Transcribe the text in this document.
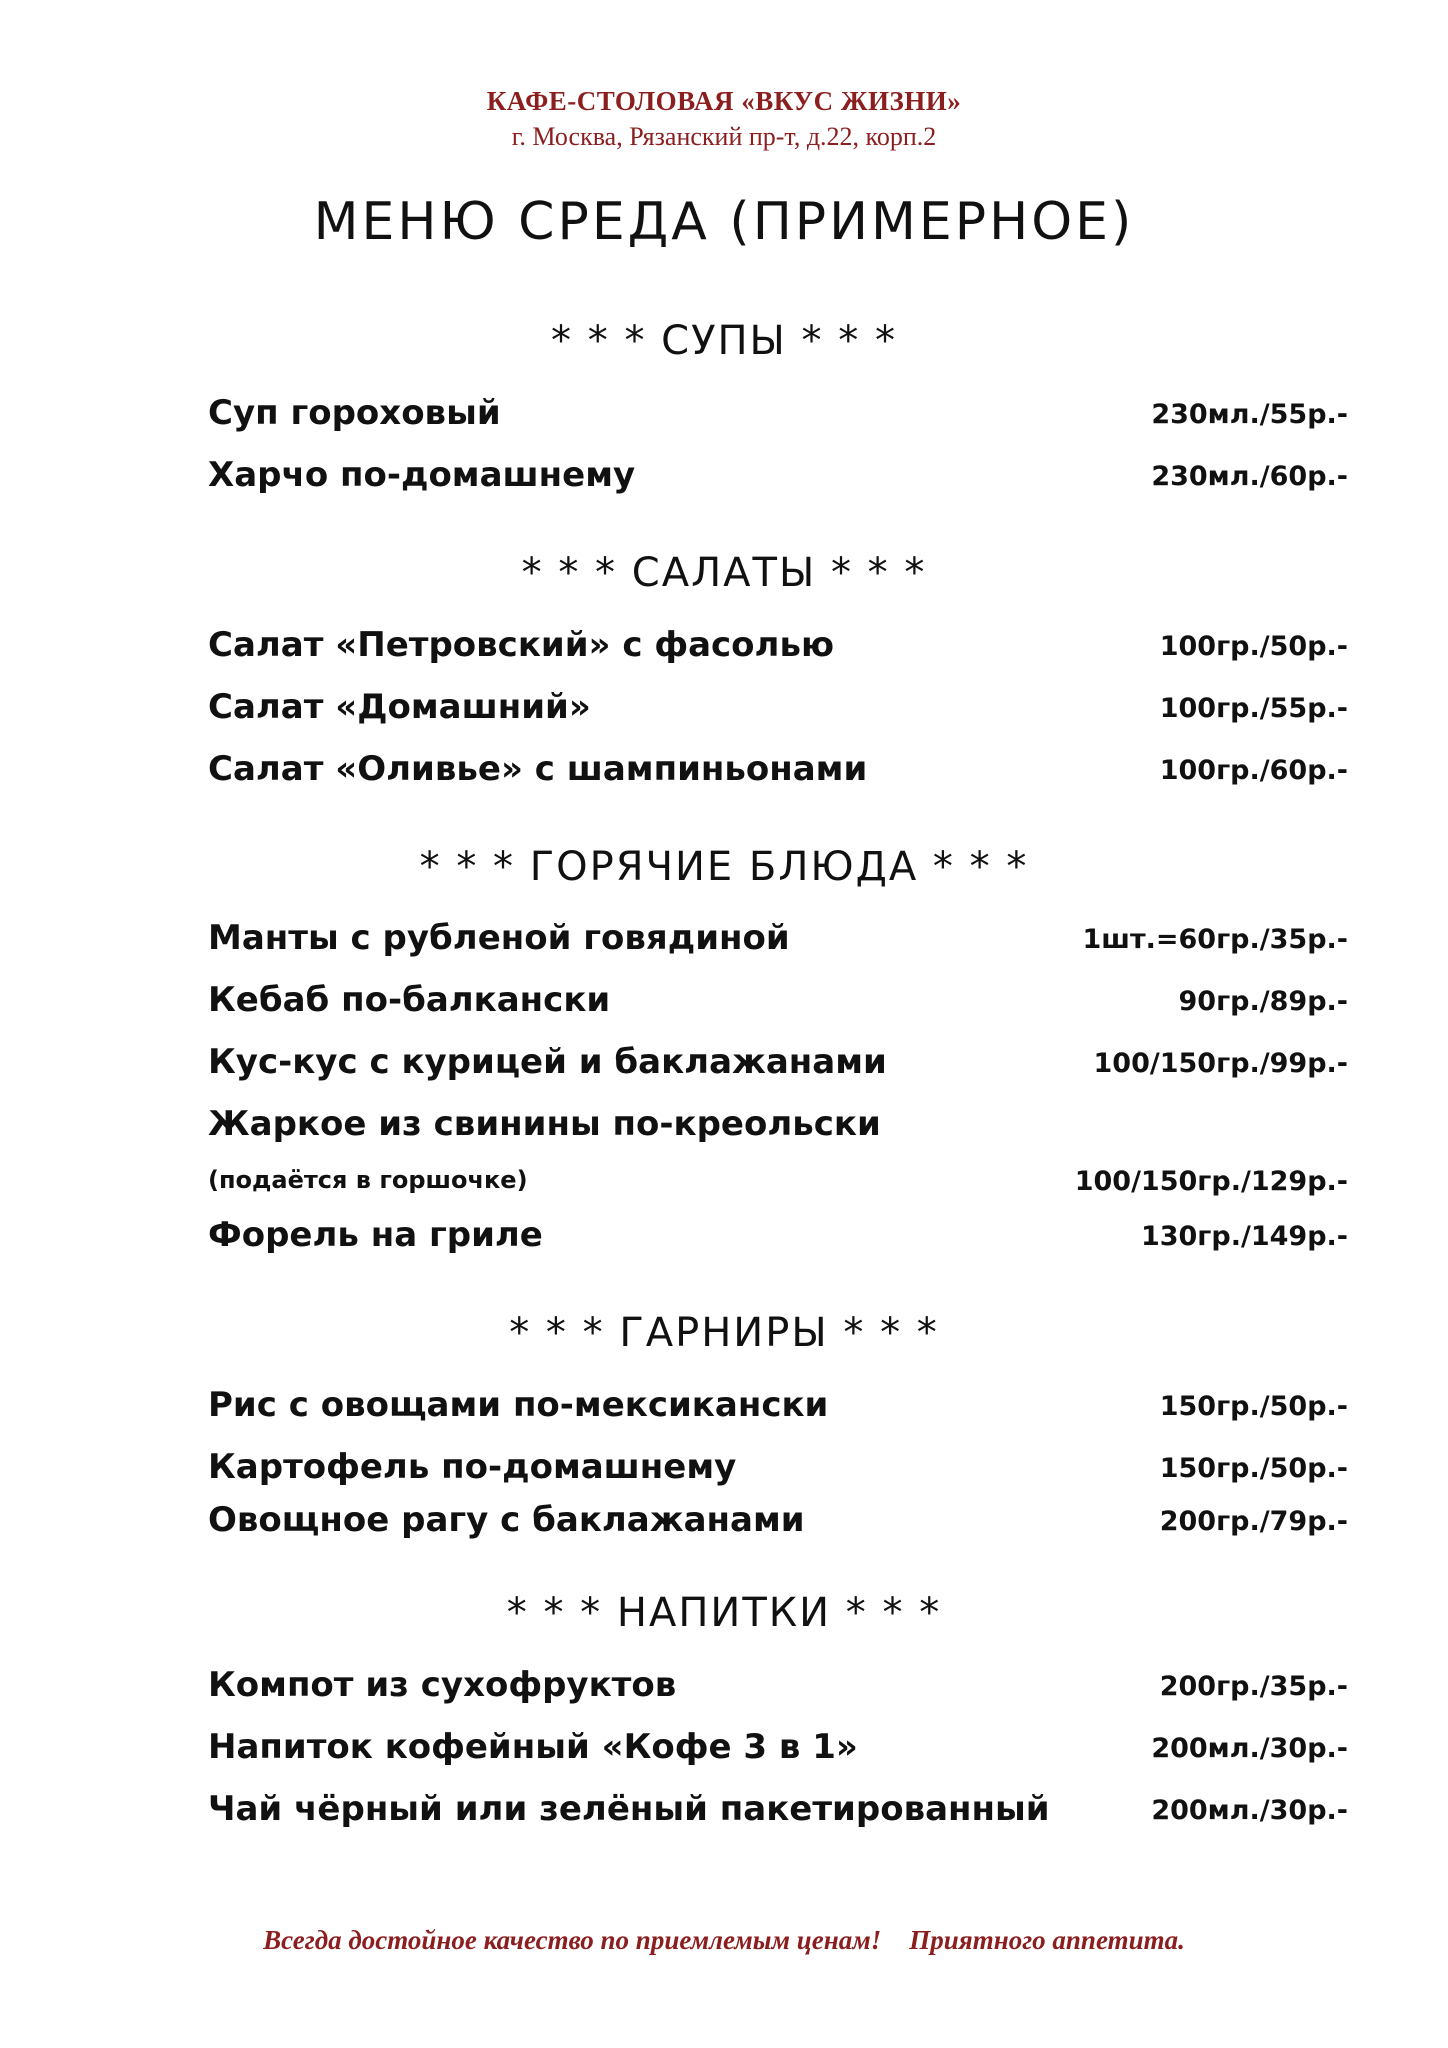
КАФЕ-СТОЛОВАЯ «ВКУС ЖИЗНИ»
г. Москва, Рязанский пр-т, д.22, корп.2
МЕНЮ СРЕДА (ПРИМЕРНОЕ)
* * * СУПЫ * * *
Суп гороховый	230мл./55р.-
Харчо по-домашнему	230мл./60р.-
* * * САЛАТЫ * * *
Салат «Петровский» с фасолью	100гр./50р.-
Салат «Домашний»	100гр./55р.-
Салат «Оливье» с шампиньонами	100гр./60р.-
* * * ГОРЯЧИЕ БЛЮДА * * *
Манты с рубленой говядиной	1шт.=60гр./35р.-
Кебаб по-балкански	90гр./89р.-
Кус-кус с курицей и баклажанами	100/150гр./99р.-
Жаркое из свинины по-креольски
(подаётся в горшочке)	100/150гр./129р.-
Форель на гриле	130гр./149р.-
* * * ГАРНИРЫ * * *
Рис с овощами по-мексикански	150гр./50р.-
Картофель по-домашнему	150гр./50р.-
Овощное рагу с баклажанами	200гр./79р.-
* * * НАПИТКИ * * *
Компот из сухофруктов	200гр./35р.-
Напиток кофейный «Кофе 3 в 1»	200мл./30р.-
Чай чёрный или зелёный пакетированный	200мл./30р.-
Всегда достойное качество по приемлемым ценам! Приятного аппетита.
